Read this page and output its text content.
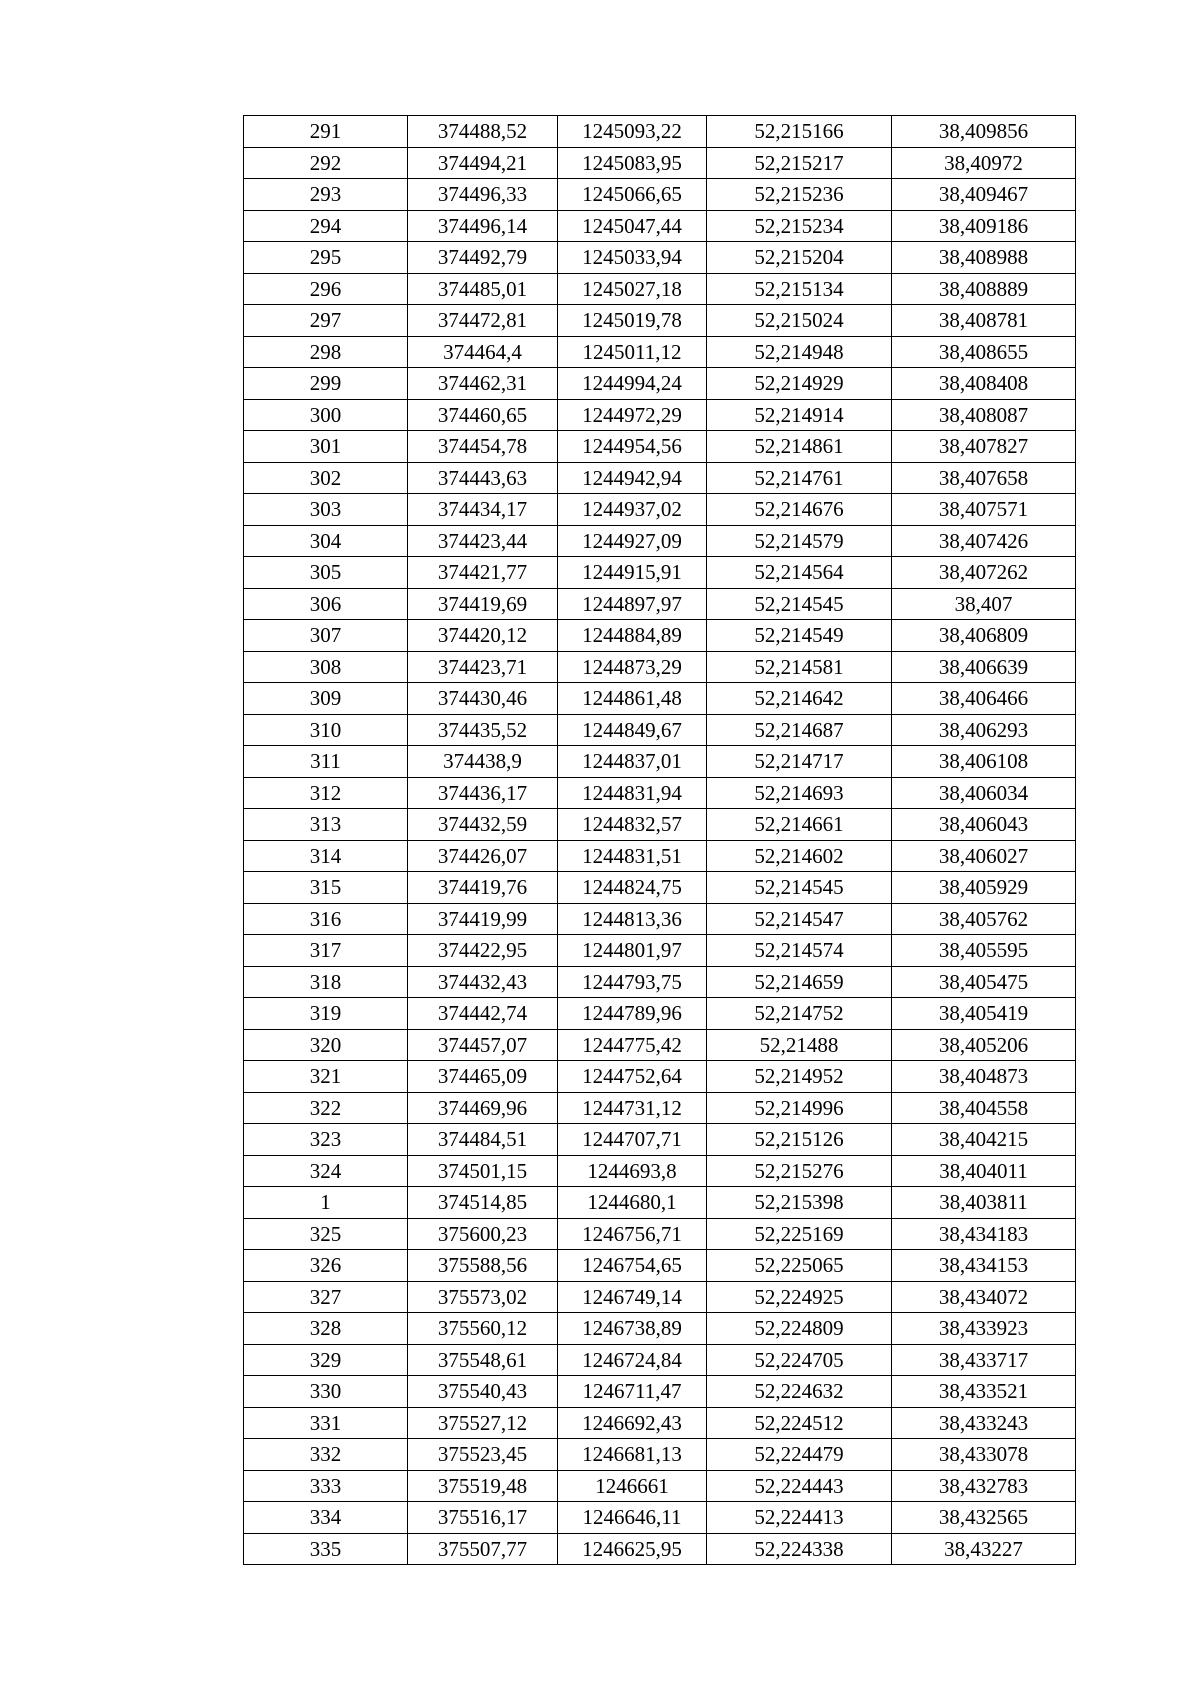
291	374488,52	1245093,22	52,215166	38,409856
292	374494,21	1245083,95	52,215217	38,40972
293	374496,33	1245066,65	52,215236	38,409467
294	374496,14	1245047,44	52,215234	38,409186
295	374492,79	1245033,94	52,215204	38,408988
296	374485,01	1245027,18	52,215134	38,408889
297	374472,81	1245019,78	52,215024	38,408781
298	374464,4	1245011,12	52,214948	38,408655
299	374462,31	1244994,24	52,214929	38,408408
300	374460,65	1244972,29	52,214914	38,408087
301	374454,78	1244954,56	52,214861	38,407827
302	374443,63	1244942,94	52,214761	38,407658
303	374434,17	1244937,02	52,214676	38,407571
304	374423,44	1244927,09	52,214579	38,407426
305	374421,77	1244915,91	52,214564	38,407262
306	374419,69	1244897,97	52,214545	38,407
307	374420,12	1244884,89	52,214549	38,406809
308	374423,71	1244873,29	52,214581	38,406639
309	374430,46	1244861,48	52,214642	38,406466
310	374435,52	1244849,67	52,214687	38,406293
311	374438,9	1244837,01	52,214717	38,406108
312	374436,17	1244831,94	52,214693	38,406034
313	374432,59	1244832,57	52,214661	38,406043
314	374426,07	1244831,51	52,214602	38,406027
315	374419,76	1244824,75	52,214545	38,405929
316	374419,99	1244813,36	52,214547	38,405762
317	374422,95	1244801,97	52,214574	38,405595
318	374432,43	1244793,75	52,214659	38,405475
319	374442,74	1244789,96	52,214752	38,405419
320	374457,07	1244775,42	52,21488	38,405206
321	374465,09	1244752,64	52,214952	38,404873
322	374469,96	1244731,12	52,214996	38,404558
323	374484,51	1244707,71	52,215126	38,404215
324	374501,15	1244693,8	52,215276	38,404011
1	374514,85	1244680,1	52,215398	38,403811
325	375600,23	1246756,71	52,225169	38,434183
326	375588,56	1246754,65	52,225065	38,434153
327	375573,02	1246749,14	52,224925	38,434072
328	375560,12	1246738,89	52,224809	38,433923
329	375548,61	1246724,84	52,224705	38,433717
330	375540,43	1246711,47	52,224632	38,433521
331	375527,12	1246692,43	52,224512	38,433243
332	375523,45	1246681,13	52,224479	38,433078
333	375519,48	1246661	52,224443	38,432783
334	375516,17	1246646,11	52,224413	38,432565
335	375507,77	1246625,95	52,224338	38,43227
